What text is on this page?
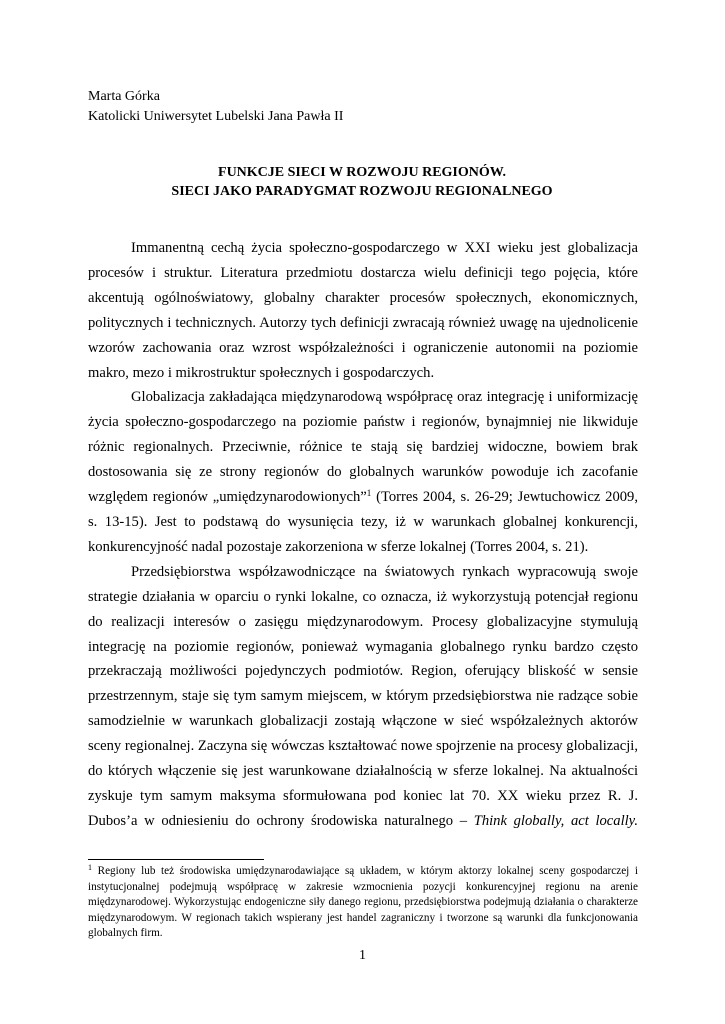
Marta Górka
Katolicki Uniwersytet Lubelski Jana Pawła II
FUNKCJE SIECI W ROZWOJU REGIONÓW.
SIECI JAKO PARADYGMAT ROZWOJU REGIONALNEGO

Immanentną cechą życia społeczno-gospodarczego w XXI wieku jest globalizacja procesów i struktur. Literatura przedmiotu dostarcza wielu definicji tego pojęcia, które akcentują ogólnoświatowy, globalny charakter procesów społecznych, ekonomicznych, politycznych i technicznych. Autorzy tych definicji zwracają również uwagę na ujednolicenie wzorów zachowania oraz wzrost współzależności i ograniczenie autonomii na poziomie makro, mezo i mikrostruktur społecznych i gospodarczych.

Globalizacja zakładająca międzynarodową współpracę oraz integrację i uniformizację życia społeczno-gospodarczego na poziomie państw i regionów, bynajmniej nie likwiduje różnic regionalnych. Przeciwnie, różnice te stają się bardziej widoczne, bowiem brak dostosowania się ze strony regionów do globalnych warunków powoduje ich zacofanie względem regionów „umiędzynarodowionych”$^1$ (Torres 2004, s. 26-29; Jewtuchowicz 2009, s. 13-15). Jest to podstawą do wysunięcia tezy, iż w warunkach globalnej konkurencji, konkurencyjność nadal pozostaje zakorzeniona w sferze lokalnej (Torres 2004, s. 21).

Przedsiębiorstwa współzawodniczące na światowych rynkach wypracowują swoje strategie działania w oparciu o rynki lokalne, co oznacza, iż wykorzystują potencjał regionu do realizacji interesów o zasięgu międzynarodowym. Procesy globalizacyjne stymulują integrację na poziomie regionów, ponieważ wymagania globalnego rynku bardzo często przekraczają możliwości pojedynczych podmiotów. Region, oferujący bliskość w sensie przestrzennym, staje się tym samym miejscem, w którym przedsiębiorstwa nie radzące sobie samodzielnie w warunkach globalizacji zostają włączone w sieć współzależnych aktorów sceny regionalnej. Zaczyna się wówczas kształtować nowe spojrzenie na procesy globalizacji, do których włączenie się jest warunkowane działalnością w sferze lokalnej. Na aktualności zyskuje tym samym maksyma sformułowana pod koniec lat 70. XX wieku przez R. J. Dubos’a w odniesieniu do ochrony środowiska naturalnego – Think globally, act locally.

$^1$ Regiony lub też środowiska umiędzynarodawiające są układem, w którym aktorzy lokalnej sceny gospodarczej i instytucjonalnej podejmują współpracę w zakresie wzmocnienia pozycji konkurencyjnej regionu na arenie międzynarodowej. Wykorzystując endogeniczne siły danego regionu, przedsiębiorstwa podejmują działania o charakterze międzynarodowym. W regionach takich wspierany jest handel zagraniczny i tworzone są warunki dla funkcjonowania globalnych firm.
1
